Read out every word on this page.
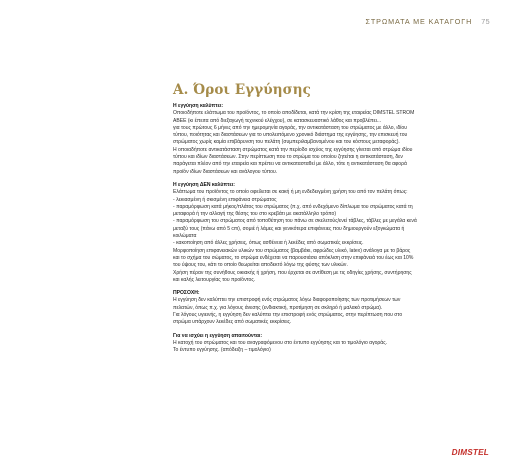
ΣΤΡΩΜΑΤΑ ΜΕ ΚΑΤΑΓΟΓΗ 75
Α. Όροι Εγγύησης

Η εγγύηση καλύπτει:

Οποιοδήποτε ελάττωμα του προϊόντος, το οποίο αποδίδεται, κατά την κρίση της εταιρείας DIMSTEL STROM

ABEE (κι έπειτα από διεξαγωγή τεχνικού ελέγχου), σε κατασκευαστικό λάθος και προβλέπει...

για τους πρώτους 6 μήνες από την ημερομηνία αγοράς, την αντικατάσταση του στρώματος με άλλο, ιδίου

τύπου, ποιότητας και διαστάσεων για το υπολειπόμενο χρονικό διάστημα της εγγύησης, την επισκευή του

στρώματος χωρίς καμία επιβάρυνση του πελάτη (συμπεριλαμβανομένου και του κόστους μεταφοράς).

Η οποιαδήποτε αντικατάσταση στρώματος κατά την περίοδο ισχύος της εγγύησης γίνεται από στρώμα ιδίου

τύπου και ιδίων διαστάσεων. Στην περίπτωση που το στρώμα του οποίου ζητείται η αντικατάσταση, δεν

παράγεται πλέον από την εταιρεία και πρέπει να αντικατασταθεί με άλλο, τότε η αντικατάσταση θα αφορά

προϊόν ιδίων διαστάσεων και ανάλογου τύπου.

Η εγγύηση ΔΕΝ καλύπτει:

Ελάττωμα του προϊόντος το οποίο οφείλεται σε κακή ή μη ενδεδειγμένη χρήση του από τον πελάτη όπως:

- λεκιασμένη ή σκισμένη επιφάνεια στρώματος

- παραμόρφωση κατά μήκος/πλάτος του στρώματος (π.χ. από ενδεχόμενο δίπλωμα του στρώματος κατά τη

μεταφορά ή την αλλαγή της θέσης του στο κρεβάτι με ακατάλληλο τρόπο)

- παραμόρφωση του στρώματος από τοποθέτηση του πάνω σε σκελετούς/ενεί τάβλες, τάβλες με μεγάλα κενά

μεταξύ τους (πάνω από 5 cm), σομιέ ή λάμες και γενικότερα επιφάνειες που δημιουργούν εξογκώματα ή

κοιλώματα

- κακοποίηση από άλλες χρήσεις, όπως ασθένεια ή λεκέδες από σωματικές εκκρίσεις.

Μορφοποίηση επιφανειακών υλικών του στρώματος (βαμβάκι, αφρώδες υλικό, latex) ανάλογα με το βάρος

και το σχήμα του σώματος, το στρώμα ενδέχεται να παρουσιάσει απόκλιση στην επιφάνειά του έως και 10%

του ύψους του, κάτι το οποίο θεωρείται αποδεκτό λόγω της φύσης των υλικών.

Χρήση πέραν της συνήθους οικιακής ή χρήση, που έρχεται σε αντίθεση με τις οδηγίες χρήσης, συντήρησης

και καλής λειτουργίας του προϊόντος.

ΠΡΟΣΟΧΗ:

Η εγγύηση δεν καλύπτει την επιστροφή ενός στρώματος λόγω διαφοροποίησης των προτιμήσεων των

πελατών, όπως π.χ. για λόγους άνεσης (ενδιακτική, προτίμηση σε σκληρό ή μαλακό στρώμα).

Για λόγους υγιεινής, η εγγύηση δεν καλύπτει την επιστροφή ενός στρώματος, στην περίπτωση που στο

στρώμα υπάρχουν λεκέδες από σωματικές εκκρίσεις.

Για να ισχύει η εγγύηση απαιτούνται:

Η κατοχή του στρώματος και του αναγραφόμενου στο έντυπο εγγύησης και το τιμολόγιο αγοράς.

Το έντυπο εγγύησης. (απόδειξη – τιμολόγιο)

DIMSTEL
